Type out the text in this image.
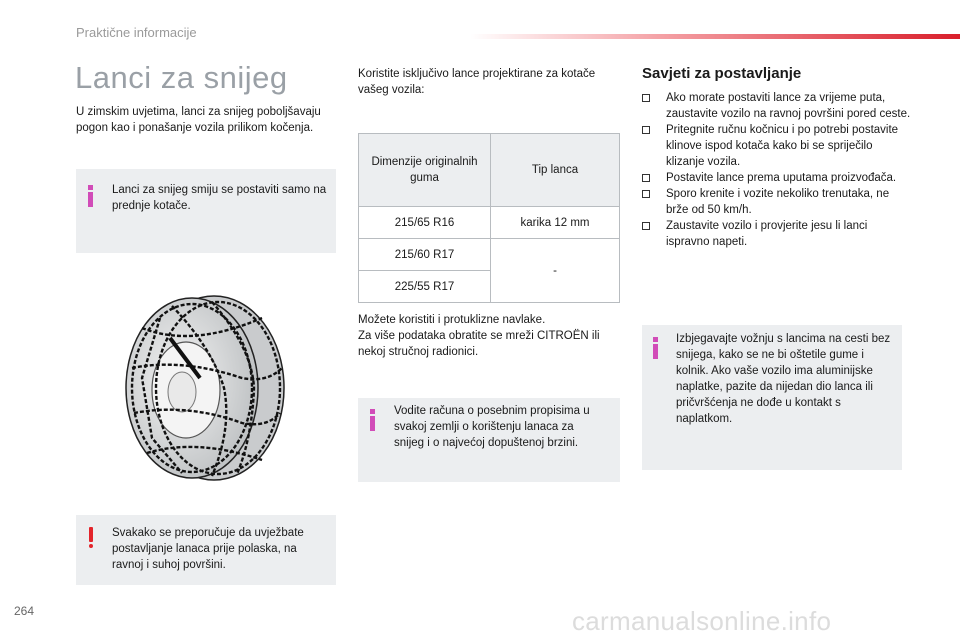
Praktične informacije
Lanci za snijeg
U zimskim uvjetima, lanci za snijeg poboljšavaju pogon kao i ponašanje vozila prilikom kočenja.
Lanci za snijeg smiju se postaviti samo na prednje kotače.
Svakako se preporučuje da uvježbate postavljanje lanaca prije polaska, na ravnoj i suhoj površini.
Koristite isključivo lance projektirane za kotače vašeg vozila:
Dimenzije originalnih guma	Tip lanca
215/65 R16	karika 12 mm
215/60 R17	-
225/55 R17	
Možete koristiti i protuklizne navlake.
Za više podataka obratite se mreži CITROËN ili nekoj stručnoj radionici.
Vodite računa o posebnim propisima u svakoj zemlji o korištenju lanaca za snijeg i o najvećoj dopuštenoj brzini.
Savjeti za postavljanje
Ako morate postaviti lance za vrijeme puta, zaustavite vozilo na ravnoj površini pored ceste.
Pritegnite ručnu kočnicu i po potrebi postavite klinove ispod kotača kako bi se spriječilo klizanje vozila.
Postavite lance prema uputama proizvođača.
Sporo krenite i vozite nekoliko trenutaka, ne brže od 50 km/h.
Zaustavite vozilo i provjerite jesu li lanci ispravno napeti.
Izbjegavajte vožnju s lancima na cesti bez snijega, kako se ne bi oštetile gume i kolnik. Ako vaše vozilo ima aluminijske naplatke, pazite da nijedan dio lanca ili pričvršćenja ne dođe u kontakt s naplatkom.
264	carmanualsonline.info
